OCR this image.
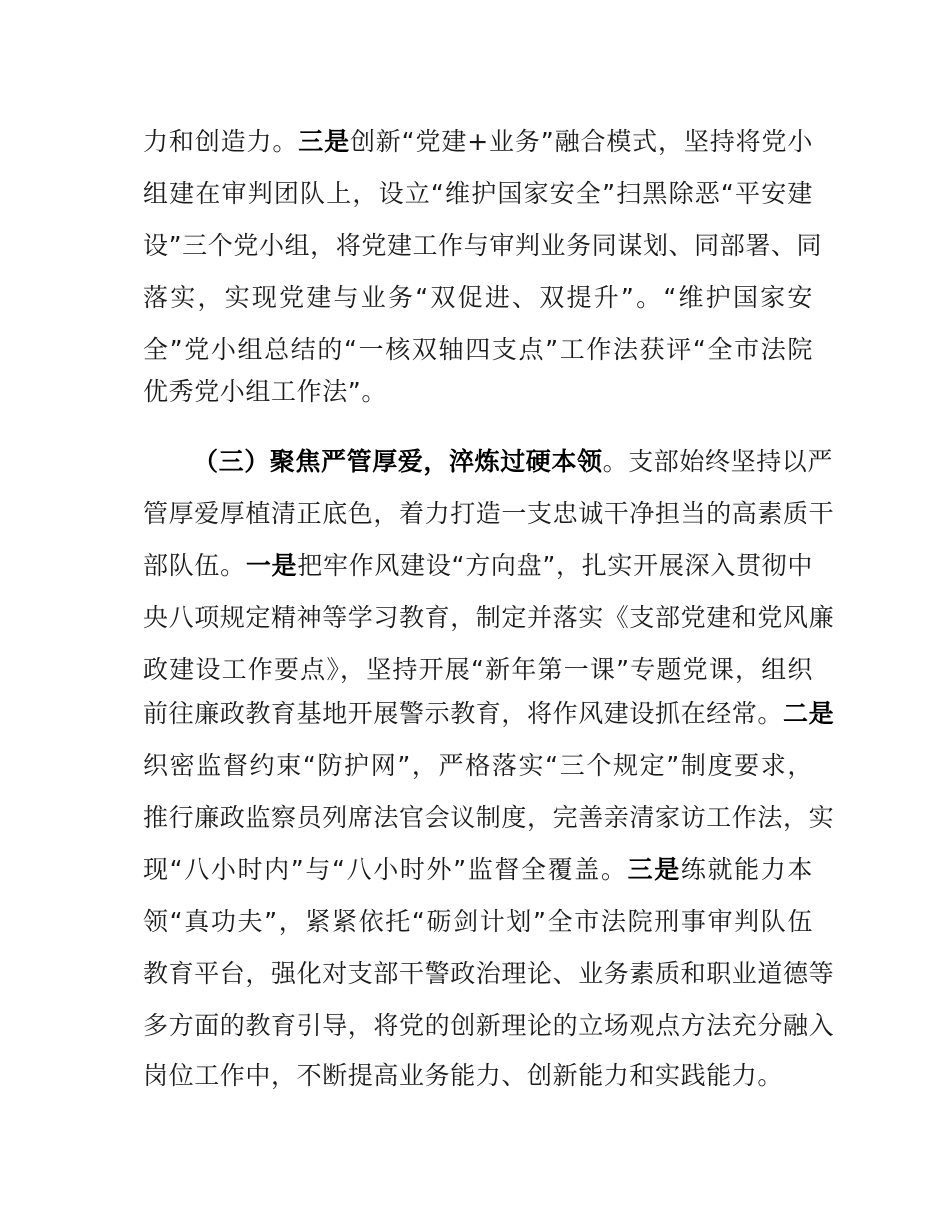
力和创造力。三是创新“党建+业务”融合模式，坚持将党小
组建在审判团队上，设立“维护国家安全”扫黑除恶“平安建
设”三个党小组，将党建工作与审判业务同谋划、同部署、同
落实，实现党建与业务“双促进、双提升”。“维护国家安
全”党小组总结的“一核双轴四支点”工作法获评“全市法院
优秀党小组工作法”。
（三）聚焦严管厚爱，淬炼过硬本领。支部始终坚持以严
管厚爱厚植清正底色，着力打造一支忠诚干净担当的高素质干
部队伍。一是把牢作风建设“方向盘”，扎实开展深入贯彻中
央八项规定精神等学习教育，制定并落实《支部党建和党风廉
政建设工作要点》，坚持开展“新年第一课”专题党课，组织
前往廉政教育基地开展警示教育，将作风建设抓在经常。二是
织密监督约束“防护网”，严格落实“三个规定”制度要求，
推行廉政监察员列席法官会议制度，完善亲清家访工作法，实
现“八小时内”与“八小时外”监督全覆盖。三是练就能力本
领“真功夫”，紧紧依托“砺剑计划”全市法院刑事审判队伍
教育平台，强化对支部干警政治理论、业务素质和职业道德等
多方面的教育引导，将党的创新理论的立场观点方法充分融入
岗位工作中，不断提高业务能力、创新能力和实践能力。
